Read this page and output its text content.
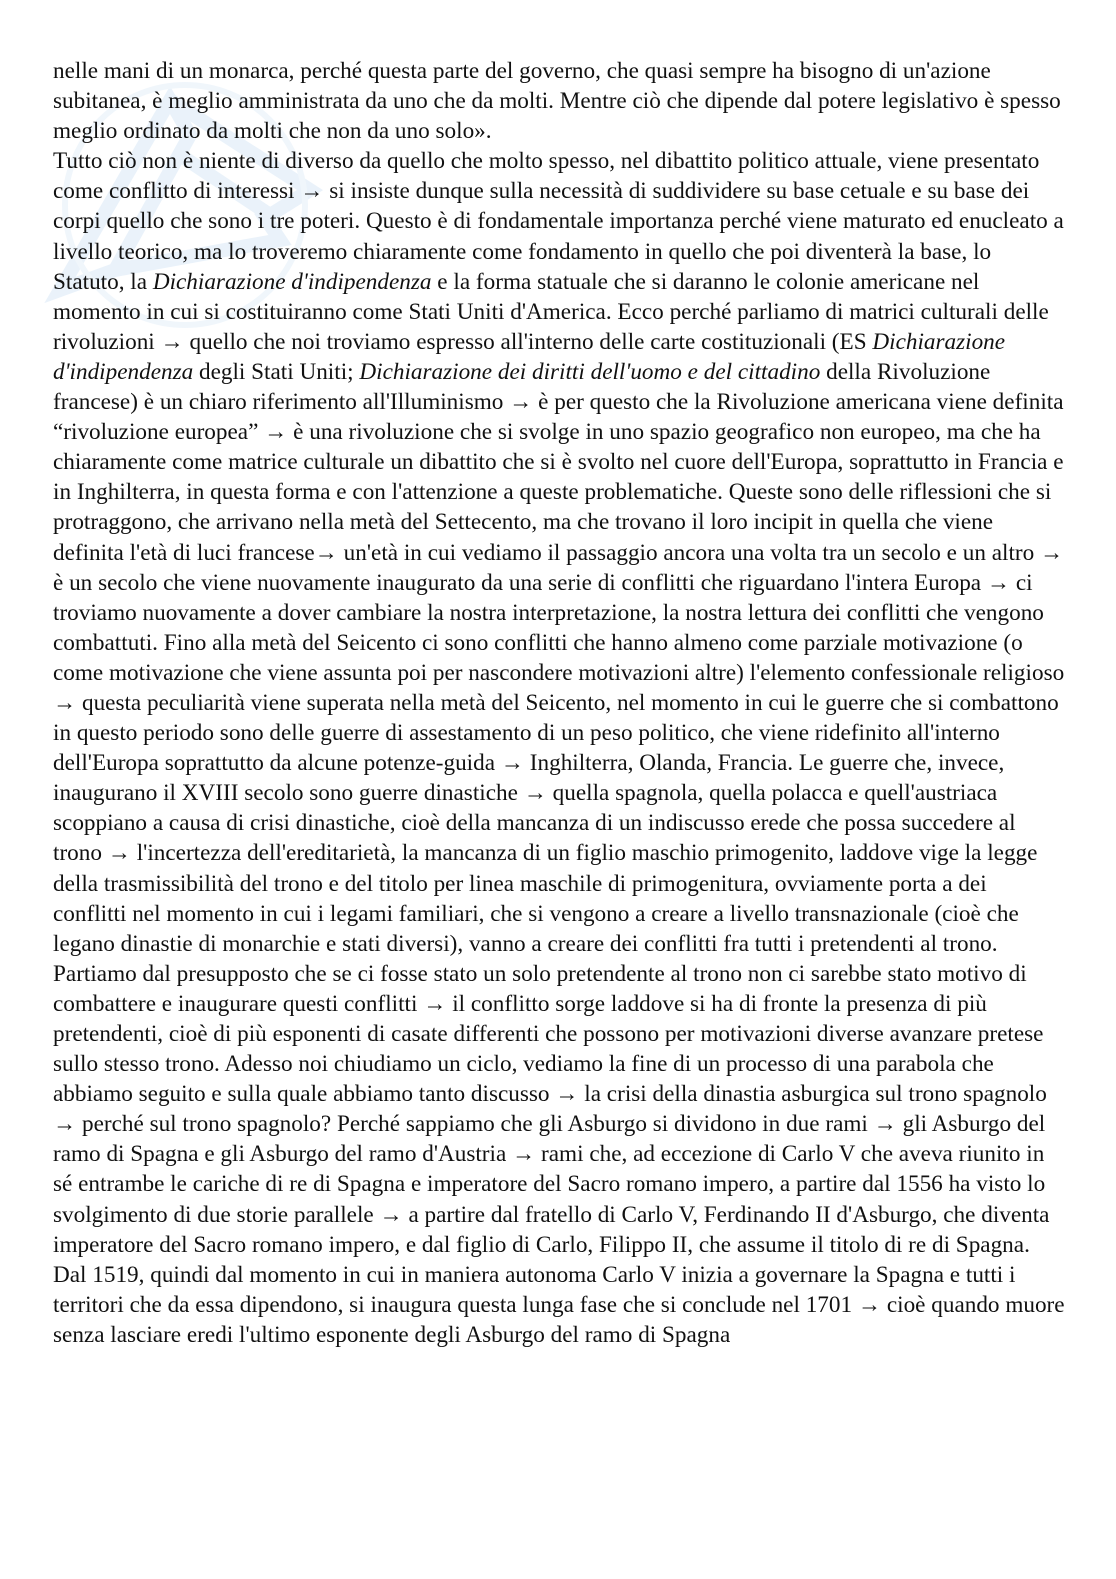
nelle mani di un monarca, perché questa parte del governo, che quasi sempre ha bisogno di un'azione subitanea, è meglio amministrata da uno che da molti. Mentre ciò che dipende dal potere legislativo è spesso meglio ordinato da molti che non da uno solo».

Tutto ciò non è niente di diverso da quello che molto spesso, nel dibattito politico attuale, viene presentato come conflitto di interessi → si insiste dunque sulla necessità di suddividere su base cetuale e su base dei corpi quello che sono i tre poteri. Questo è di fondamentale importanza perché viene maturato ed enucleato a livello teorico, ma lo troveremo chiaramente come fondamento in quello che poi diventerà la base, lo Statuto, la Dichiarazione d'indipendenza e la forma statuale che si daranno le colonie americane nel momento in cui si costituiranno come Stati Uniti d'America. Ecco perché parliamo di matrici culturali delle rivoluzioni → quello che noi troviamo espresso all'interno delle carte costituzionali (ES Dichiarazione d'indipendenza degli Stati Uniti; Dichiarazione dei diritti dell'uomo e del cittadino della Rivoluzione francese) è un chiaro riferimento all'Illuminismo → è per questo che la Rivoluzione americana viene definita “rivoluzione europea” → è una rivoluzione che si svolge in uno spazio geografico non europeo, ma che ha chiaramente come matrice culturale un dibattito che si è svolto nel cuore dell'Europa, soprattutto in Francia e in Inghilterra, in questa forma e con l'attenzione a queste problematiche. Queste sono delle riflessioni che si protraggono, che arrivano nella metà del Settecento, ma che trovano il loro incipit in quella che viene definita l'età di luci francese→ un'età in cui vediamo il passaggio ancora una volta tra un secolo e un altro → è un secolo che viene nuovamente inaugurato da una serie di conflitti che riguardano l'intera Europa → ci troviamo nuovamente a dover cambiare la nostra interpretazione, la nostra lettura dei conflitti che vengono combattuti. Fino alla metà del Seicento ci sono conflitti che hanno almeno come parziale motivazione (o come motivazione che viene assunta poi per nascondere motivazioni altre) l'elemento confessionale religioso → questa peculiarità viene superata nella metà del Seicento, nel momento in cui le guerre che si combattono in questo periodo sono delle guerre di assestamento di un peso politico, che viene ridefinito all'interno dell'Europa soprattutto da alcune potenze-guida → Inghilterra, Olanda, Francia. Le guerre che, invece, inaugurano il XVIII secolo sono guerre dinastiche → quella spagnola, quella polacca e quell'austriaca scoppiano a causa di crisi dinastiche, cioè della mancanza di un indiscusso erede che possa succedere al trono → l'incertezza dell'ereditarietà, la mancanza di un figlio maschio primogenito, laddove vige la legge della trasmissibilità del trono e del titolo per linea maschile di primogenitura, ovviamente porta a dei conflitti nel momento in cui i legami familiari, che si vengono a creare a livello transnazionale (cioè che legano dinastie di monarchie e stati diversi), vanno a creare dei conflitti fra tutti i pretendenti al trono. Partiamo dal presupposto che se ci fosse stato un solo pretendente al trono non ci sarebbe stato motivo di combattere e inaugurare questi conflitti → il conflitto sorge laddove si ha di fronte la presenza di più pretendenti, cioè di più esponenti di casate differenti che possono per motivazioni diverse avanzare pretese sullo stesso trono. Adesso noi chiudiamo un ciclo, vediamo la fine di un processo di una parabola che abbiamo seguito e sulla quale abbiamo tanto discusso → la crisi della dinastia asburgica sul trono spagnolo → perché sul trono spagnolo? Perché sappiamo che gli Asburgo si dividono in due rami → gli Asburgo del ramo di Spagna e gli Asburgo del ramo d'Austria → rami che, ad eccezione di Carlo V che aveva riunito in sé entrambe le cariche di re di Spagna e imperatore del Sacro romano impero, a partire dal 1556 ha visto lo svolgimento di due storie parallele → a partire dal fratello di Carlo V, Ferdinando II d'Asburgo, che diventa imperatore del Sacro romano impero, e dal figlio di Carlo, Filippo II, che assume il titolo di re di Spagna.

Dal 1519, quindi dal momento in cui in maniera autonoma Carlo V inizia a governare la Spagna e tutti i territori che da essa dipendono, si inaugura questa lunga fase che si conclude nel 1701 → cioè quando muore senza lasciare eredi l'ultimo esponente degli Asburgo del ramo di Spagna
